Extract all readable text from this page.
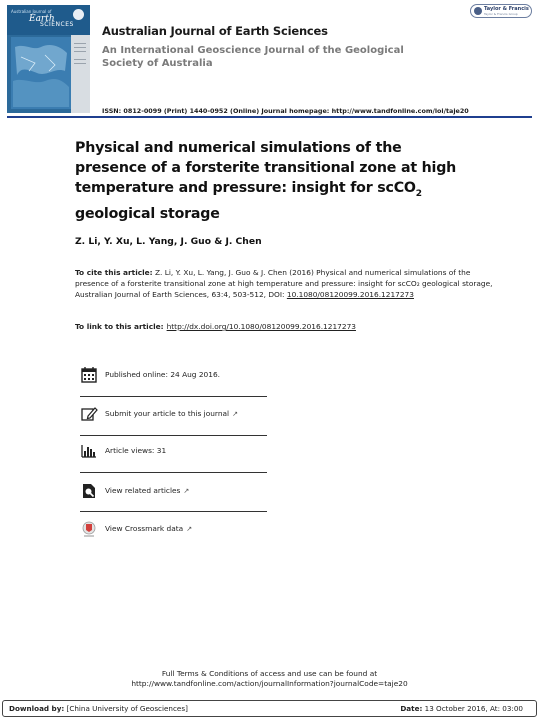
Australian Journal of
Earth
SCIENCES
Taylor & Francis
Taylor & Francis Group
Australian Journal of Earth Sciences
An International Geoscience Journal of the Geological Society of Australia
ISSN: 0812-0099 (Print) 1440-0952 (Online) Journal homepage: http://www.tandfonline.com/loi/taje20
Physical and numerical simulations of the presence of a forsterite transitional zone at high temperature and pressure: insight for scCO$_2$ geological storage
Z. Li, Y. Xu, L. Yang, J. Guo & J. Chen
To cite this article: Z. Li, Y. Xu, L. Yang, J. Guo & J. Chen (2016) Physical and numerical simulations of the presence of a forsterite transitional zone at high temperature and pressure: insight for scCO₂ geological storage, Australian Journal of Earth Sciences, 63:4, 503-512, DOI: 10.1080/08120099.2016.1217273
To link to this article: http://dx.doi.org/10.1080/08120099.2016.1217273
Published online: 24 Aug 2016.
Submit your article to this journal ↗
Article views: 31
View related articles ↗
View Crossmark data ↗
Full Terms & Conditions of access and use can be found at
http://www.tandfonline.com/action/journalInformation?journalCode=taje20
Download by: [China University of Geosciences]	Date: 13 October 2016, At: 03:00
